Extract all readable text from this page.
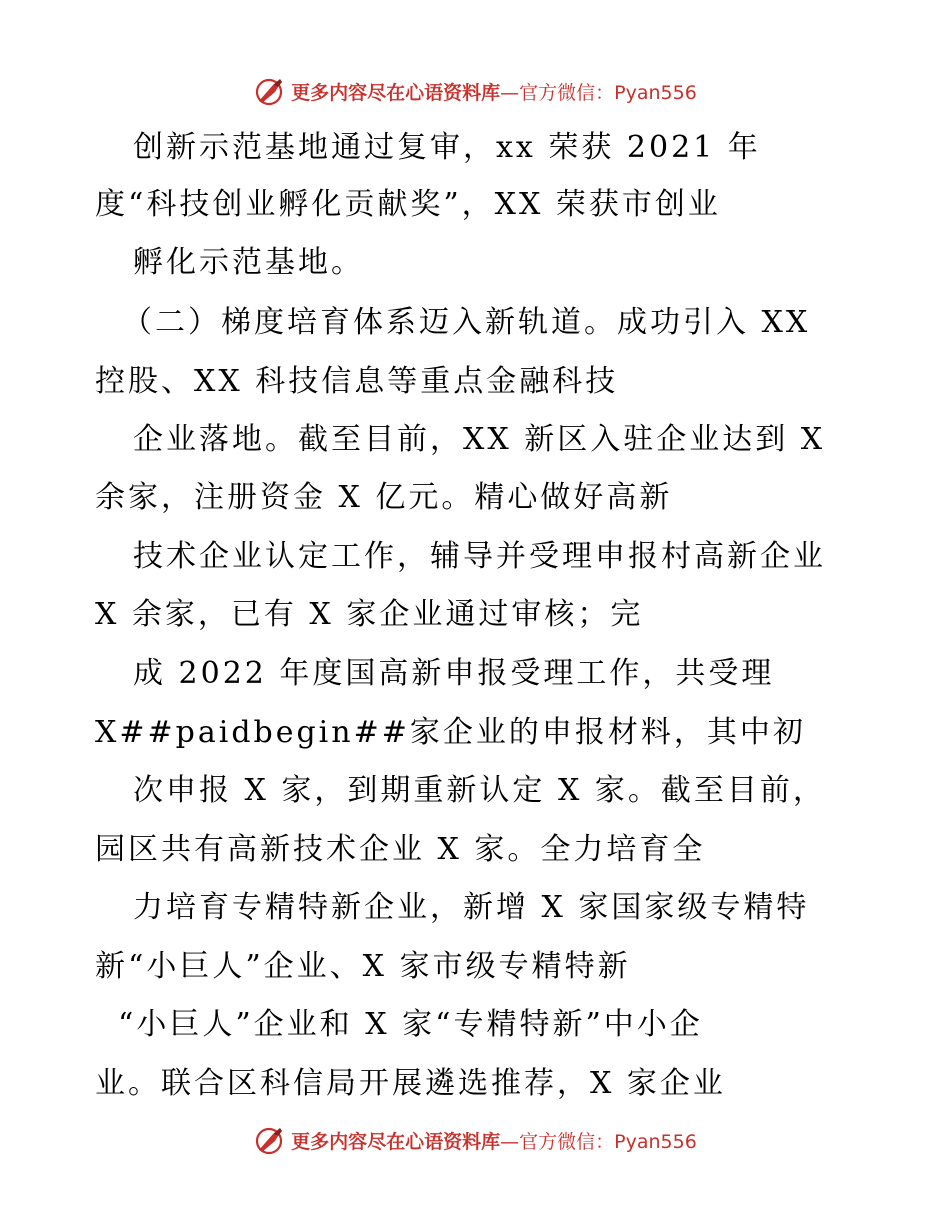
更多内容尽在心语资料库—官方微信：Pyan556
创新示范基地通过复审，xx 荣获 2021 年
度“科技创业孵化贡献奖”，XX 荣获市创业
孵化示范基地。
（二）梯度培育体系迈入新轨道。成功引入 XX
控股、XX 科技信息等重点金融科技
企业落地。截至目前，XX 新区入驻企业达到 X
余家，注册资金 X 亿元。精心做好高新
技术企业认定工作，辅导并受理申报村高新企业
X 余家，已有 X 家企业通过审核；完
成 2022 年度国高新申报受理工作，共受理
X##paidbegin##家企业的申报材料，其中初
次申报 X 家，到期重新认定 X 家。截至目前，
园区共有高新技术企业 X 家。全力培育全
力培育专精特新企业，新增 X 家国家级专精特
新“小巨人”企业、X 家市级专精特新
“小巨人”企业和 X 家“专精特新”中小企
业。联合区科信局开展遴选推荐，X 家企业
更多内容尽在心语资料库—官方微信：Pyan556
